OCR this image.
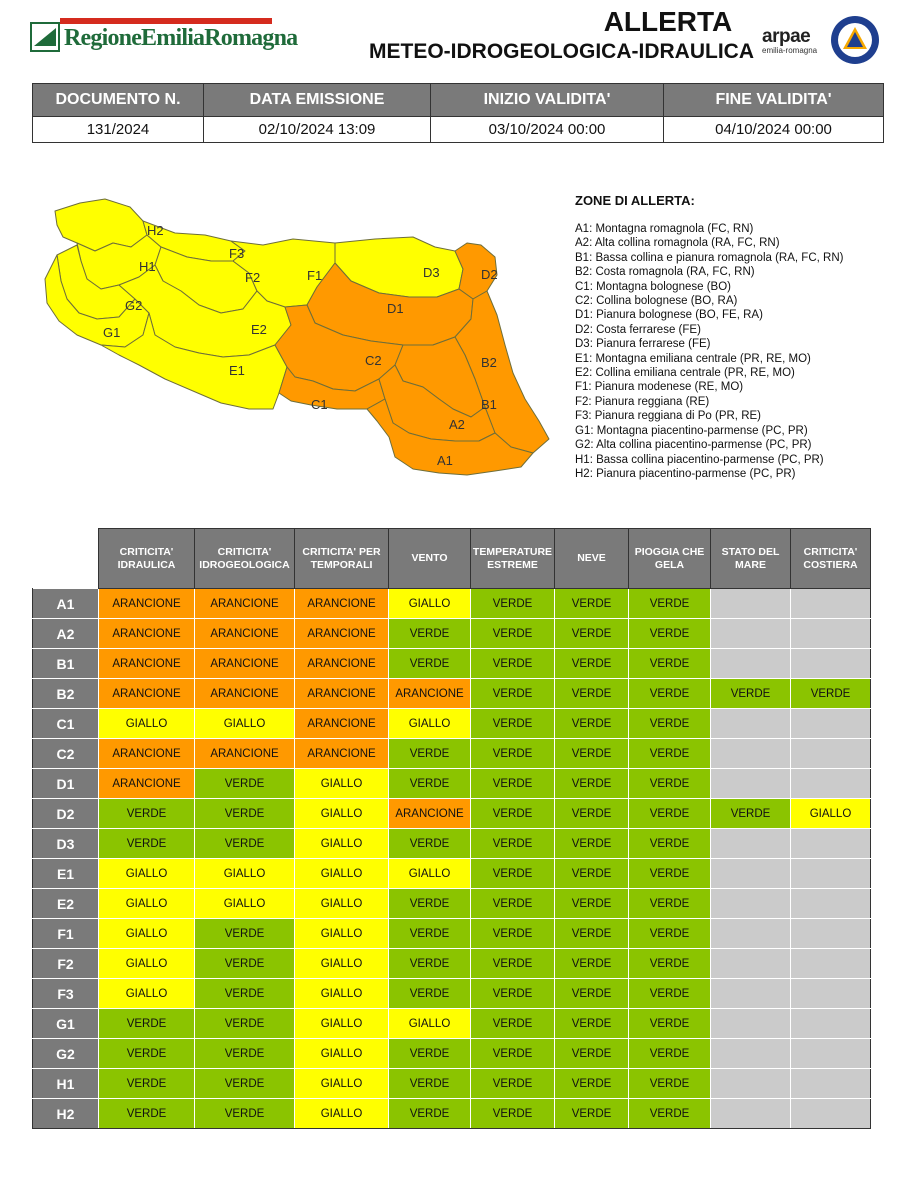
RegioneEmiliaRomagna
ALLERTA
METEO-IDROGEOLOGICA-IDRAULICA
arpae
emilia-romagna
DOCUMENTO N.	DATA EMISSIONE	INIZIO VALIDITA'	FINE VALIDITA'
131/2024	02/10/2024 13:09	03/10/2024 00:00	04/10/2024 00:00
H2
H1
G2
G1
F3
F2	F1
E2
E1
D3	D2
D1
C2
C1
B2
B1
A2
A1
ZONE DI ALLERTA:
A1: Montagna romagnola (FC, RN)
A2: Alta collina romagnola (RA, FC, RN)
B1: Bassa collina e pianura romagnola (RA, FC, RN)
B2: Costa romagnola (RA, FC, RN)
C1: Montagna bolognese (BO)
C2: Collina bolognese (BO, RA)
D1: Pianura bolognese (BO, FE, RA)
D2: Costa ferrarese (FE)
D3: Pianura ferrarese (FE)
E1: Montagna emiliana centrale (PR, RE, MO)
E2: Collina emiliana centrale (PR, RE, MO)
F1: Pianura modenese (RE, MO)
F2: Pianura reggiana (RE)
F3: Pianura reggiana di Po (PR, RE)
G1: Montagna piacentino-parmense (PC, PR)
G2: Alta collina piacentino-parmense (PC, PR)
H1: Bassa collina piacentino-parmense (PC, PR)
H2: Pianura piacentino-parmense (PC, PR)
	CRITICITA' IDRAULICA	CRITICITA' IDROGEOLOGICA	CRITICITA' PER TEMPORALI	VENTO	TEMPERATURE ESTREME	NEVE	PIOGGIA CHE GELA	STATO DEL MARE	CRITICITA' COSTIERA
A1	ARANCIONE	ARANCIONE	ARANCIONE	GIALLO	VERDE	VERDE	VERDE		
A2	ARANCIONE	ARANCIONE	ARANCIONE	VERDE	VERDE	VERDE	VERDE		
B1	ARANCIONE	ARANCIONE	ARANCIONE	VERDE	VERDE	VERDE	VERDE		
B2	ARANCIONE	ARANCIONE	ARANCIONE	ARANCIONE	VERDE	VERDE	VERDE	VERDE	VERDE
C1	GIALLO	GIALLO	ARANCIONE	GIALLO	VERDE	VERDE	VERDE		
C2	ARANCIONE	ARANCIONE	ARANCIONE	VERDE	VERDE	VERDE	VERDE		
D1	ARANCIONE	VERDE	GIALLO	VERDE	VERDE	VERDE	VERDE		
D2	VERDE	VERDE	GIALLO	ARANCIONE	VERDE	VERDE	VERDE	VERDE	GIALLO
D3	VERDE	VERDE	GIALLO	VERDE	VERDE	VERDE	VERDE		
E1	GIALLO	GIALLO	GIALLO	GIALLO	VERDE	VERDE	VERDE		
E2	GIALLO	GIALLO	GIALLO	VERDE	VERDE	VERDE	VERDE		
F1	GIALLO	VERDE	GIALLO	VERDE	VERDE	VERDE	VERDE		
F2	GIALLO	VERDE	GIALLO	VERDE	VERDE	VERDE	VERDE		
F3	GIALLO	VERDE	GIALLO	VERDE	VERDE	VERDE	VERDE		
G1	VERDE	VERDE	GIALLO	GIALLO	VERDE	VERDE	VERDE		
G2	VERDE	VERDE	GIALLO	VERDE	VERDE	VERDE	VERDE		
H1	VERDE	VERDE	GIALLO	VERDE	VERDE	VERDE	VERDE		
H2	VERDE	VERDE	GIALLO	VERDE	VERDE	VERDE	VERDE		
